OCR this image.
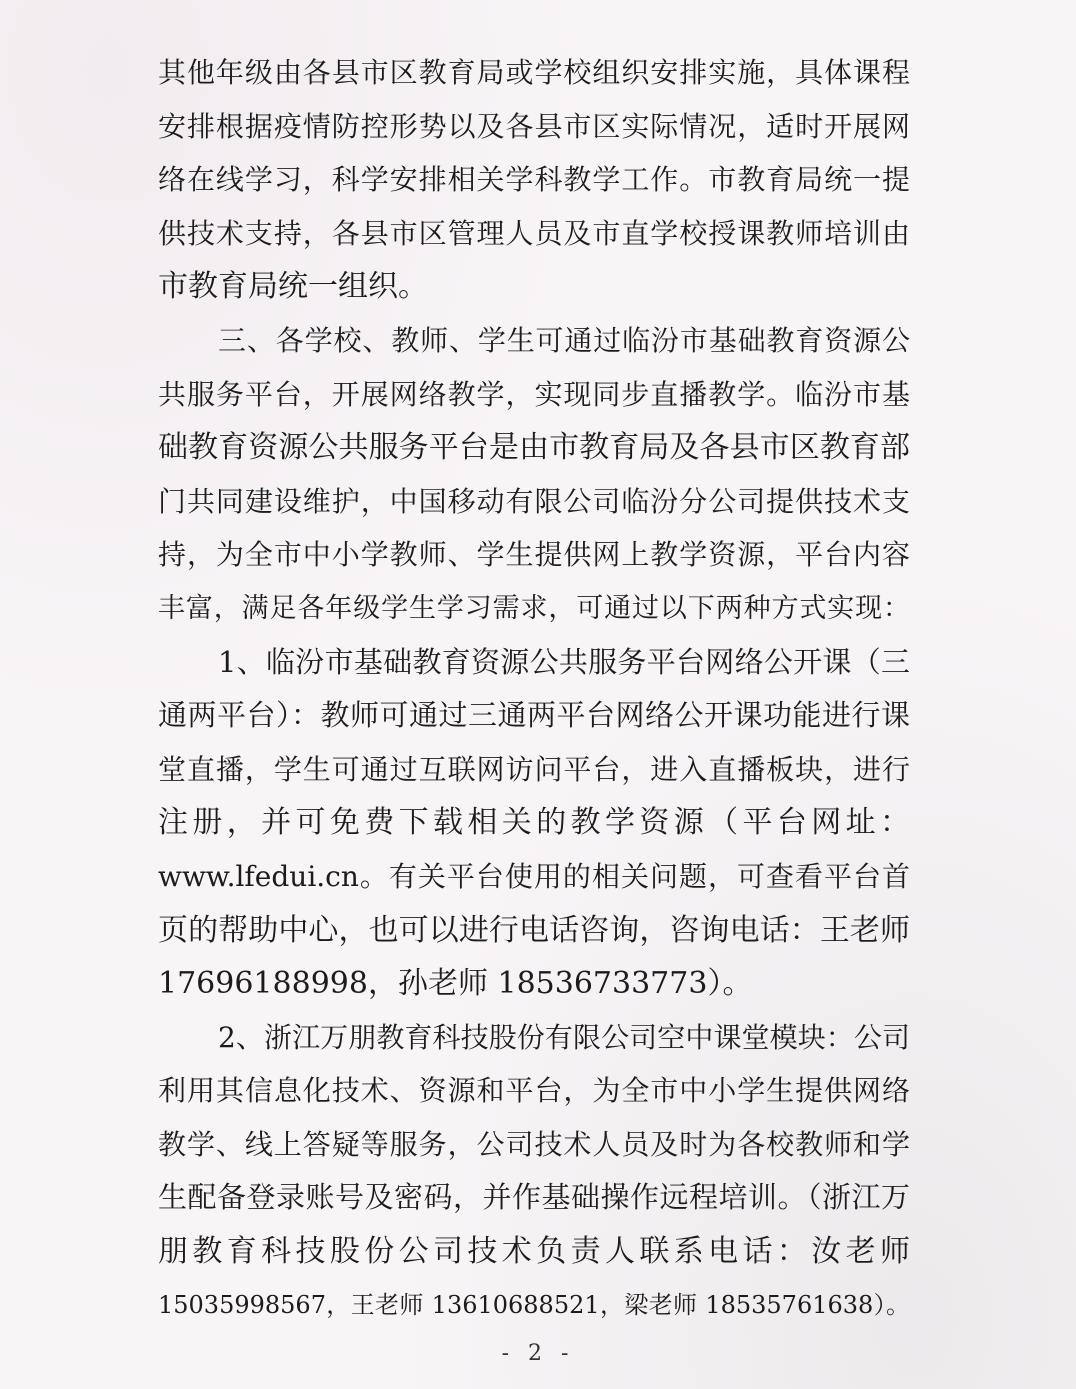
其他年级由各县市区教育局或学校组织安排实施，具体课程
安排根据疫情防控形势以及各县市区实际情况，适时开展网
络在线学习，科学安排相关学科教学工作。市教育局统一提
供技术支持，各县市区管理人员及市直学校授课教师培训由
市教育局统一组织。
三、各学校、教师、学生可通过临汾市基础教育资源公
共服务平台，开展网络教学，实现同步直播教学。临汾市基
础教育资源公共服务平台是由市教育局及各县市区教育部
门共同建设维护，中国移动有限公司临汾分公司提供技术支
持，为全市中小学教师、学生提供网上教学资源，平台内容
丰富，满足各年级学生学习需求，可通过以下两种方式实现：
1、临汾市基础教育资源公共服务平台网络公开课（三
通两平台）：教师可通过三通两平台网络公开课功能进行课
堂直播，学生可通过互联网访问平台，进入直播板块，进行
注册，并可免费下载相关的教学资源（平台网址：
www.lfedui.cn。有关平台使用的相关问题，可查看平台首
页的帮助中心，也可以进行电话咨询，咨询电话：王老师
17696188998，孙老师 18536733773）。
2、浙江万朋教育科技股份有限公司空中课堂模块：公司
利用其信息化技术、资源和平台，为全市中小学生提供网络
教学、线上答疑等服务，公司技术人员及时为各校教师和学
生配备登录账号及密码，并作基础操作远程培训。（浙江万
朋教育科技股份公司技术负责人联系电话：汝老师
15035998567，王老师 13610688521，梁老师 18535761638）。
- 2 -
